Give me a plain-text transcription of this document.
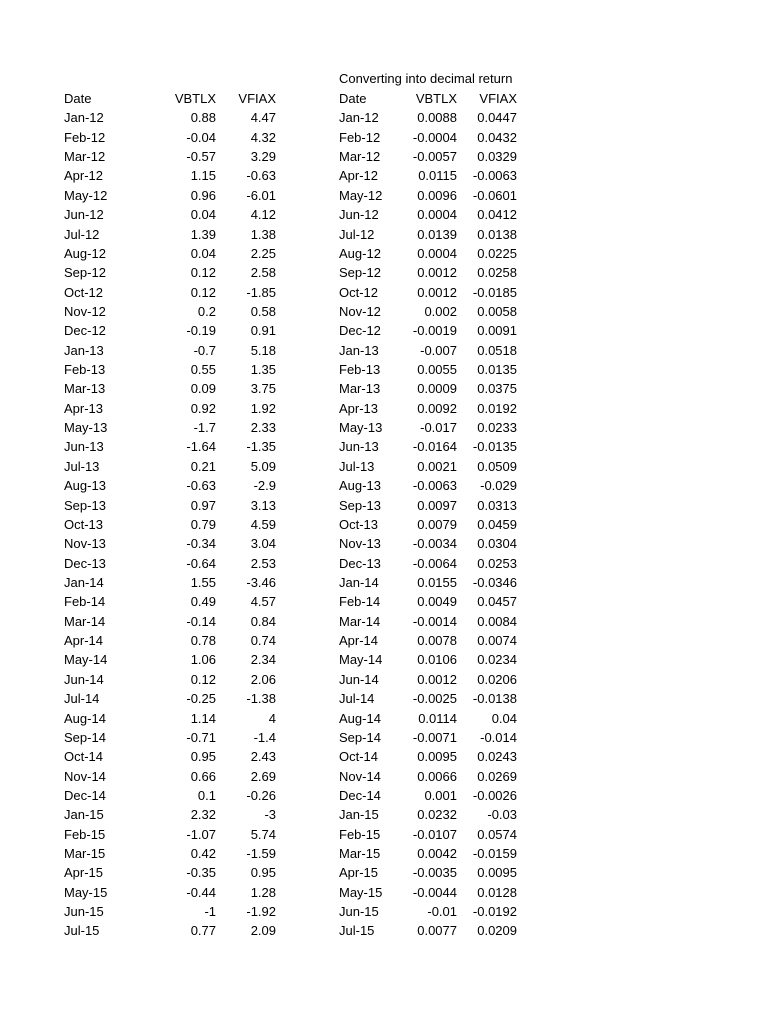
Converting into decimal return
Date	VBTLX	VFIAX
Jan-12	0.88	4.47
Feb-12	-0.04	4.32
Mar-12	-0.57	3.29
Apr-12	1.15	-0.63
May-12	0.96	-6.01
Jun-12	0.04	4.12
Jul-12	1.39	1.38
Aug-12	0.04	2.25
Sep-12	0.12	2.58
Oct-12	0.12	-1.85
Nov-12	0.2	0.58
Dec-12	-0.19	0.91
Jan-13	-0.7	5.18
Feb-13	0.55	1.35
Mar-13	0.09	3.75
Apr-13	0.92	1.92
May-13	-1.7	2.33
Jun-13	-1.64	-1.35
Jul-13	0.21	5.09
Aug-13	-0.63	-2.9
Sep-13	0.97	3.13
Oct-13	0.79	4.59
Nov-13	-0.34	3.04
Dec-13	-0.64	2.53
Jan-14	1.55	-3.46
Feb-14	0.49	4.57
Mar-14	-0.14	0.84
Apr-14	0.78	0.74
May-14	1.06	2.34
Jun-14	0.12	2.06
Jul-14	-0.25	-1.38
Aug-14	1.14	4
Sep-14	-0.71	-1.4
Oct-14	0.95	2.43
Nov-14	0.66	2.69
Dec-14	0.1	-0.26
Jan-15	2.32	-3
Feb-15	-1.07	5.74
Mar-15	0.42	-1.59
Apr-15	-0.35	0.95
May-15	-0.44	1.28
Jun-15	-1	-1.92
Jul-15	0.77	2.09
Date	VBTLX	VFIAX
Jan-12	0.0088	0.0447
Feb-12	-0.0004	0.0432
Mar-12	-0.0057	0.0329
Apr-12	0.0115	-0.0063
May-12	0.0096	-0.0601
Jun-12	0.0004	0.0412
Jul-12	0.0139	0.0138
Aug-12	0.0004	0.0225
Sep-12	0.0012	0.0258
Oct-12	0.0012	-0.0185
Nov-12	0.002	0.0058
Dec-12	-0.0019	0.0091
Jan-13	-0.007	0.0518
Feb-13	0.0055	0.0135
Mar-13	0.0009	0.0375
Apr-13	0.0092	0.0192
May-13	-0.017	0.0233
Jun-13	-0.0164	-0.0135
Jul-13	0.0021	0.0509
Aug-13	-0.0063	-0.029
Sep-13	0.0097	0.0313
Oct-13	0.0079	0.0459
Nov-13	-0.0034	0.0304
Dec-13	-0.0064	0.0253
Jan-14	0.0155	-0.0346
Feb-14	0.0049	0.0457
Mar-14	-0.0014	0.0084
Apr-14	0.0078	0.0074
May-14	0.0106	0.0234
Jun-14	0.0012	0.0206
Jul-14	-0.0025	-0.0138
Aug-14	0.0114	0.04
Sep-14	-0.0071	-0.014
Oct-14	0.0095	0.0243
Nov-14	0.0066	0.0269
Dec-14	0.001	-0.0026
Jan-15	0.0232	-0.03
Feb-15	-0.0107	0.0574
Mar-15	0.0042	-0.0159
Apr-15	-0.0035	0.0095
May-15	-0.0044	0.0128
Jun-15	-0.01	-0.0192
Jul-15	0.0077	0.0209
